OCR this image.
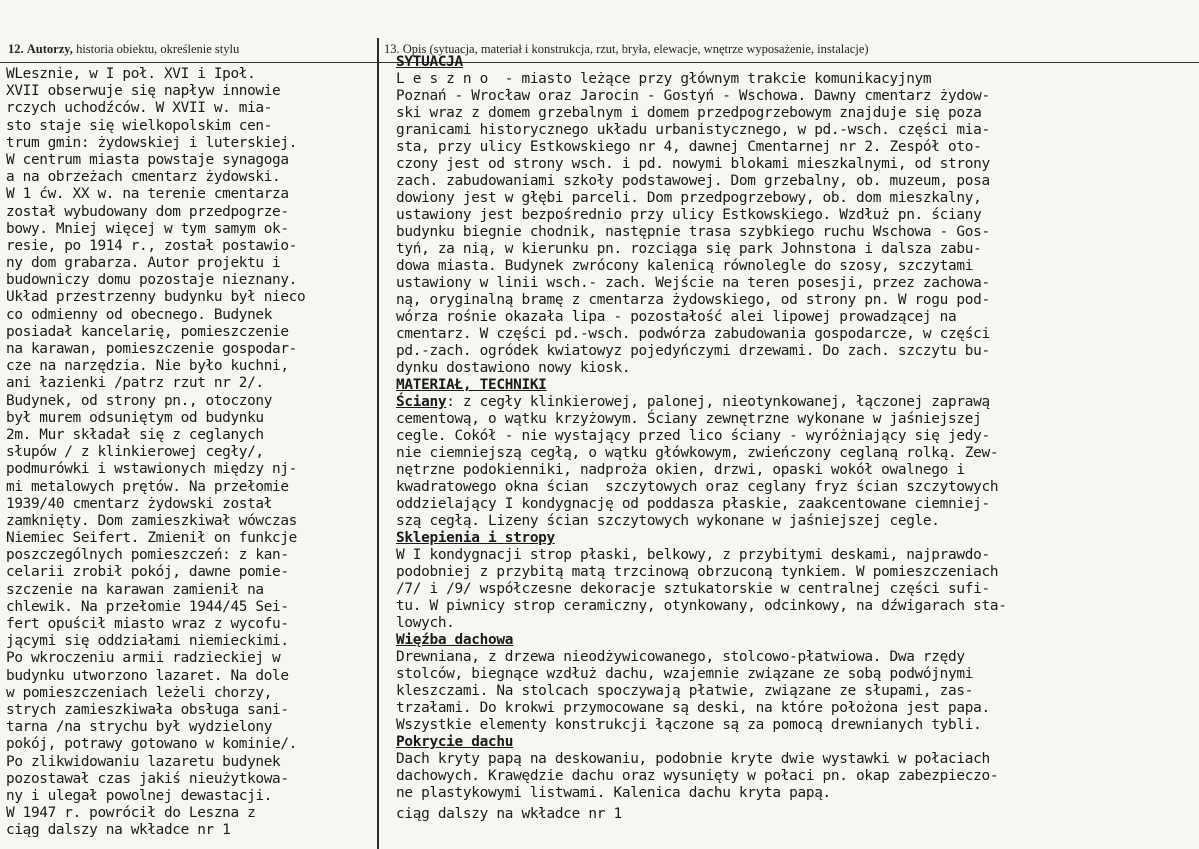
12. Autorzy, historia obiektu, określenie stylu	13. Opis (sytuacja, materiał i konstrukcja, rzut, bryła, elewacje, wnętrze wyposażenie, instalacje)
WLesznie, w I poł. XVI i Ipoł.
XVII obserwuje się napływ innowie
rczych uchodźców. W XVII w. mia-
sto staje się wielkopolskim cen-
trum gmin: żydowskiej i luterskiej.
W centrum miasta powstaje synagoga
a na obrzeżach cmentarz żydowski.
W 1 ćw. XX w. na terenie cmentarza
został wybudowany dom przedpogrze-
bowy. Mniej więcej w tym samym ok-
resie, po 1914 r., został postawio-
ny dom grabarza. Autor projektu i
budowniczy domu pozostaje nieznany.
Układ przestrzenny budynku był nieco
co odmienny od obecnego. Budynek
posiadał kancelarię, pomieszczenie
na karawan, pomieszczenie gospodar-
cze na narzędzia. Nie było kuchni,
ani łazienki /patrz rzut nr 2/.
Budynek, od strony pn., otoczony
był murem odsuniętym od budynku
2m. Mur składał się z ceglanych
słupów / z klinkierowej cegły/,
podmurówki i wstawionych między nj-
mi metalowych prętów. Na przełomie
1939/40 cmentarz żydowski został
zamknięty. Dom zamieszkiwał wówczas
Niemiec Seifert. Zmienił on funkcje
poszczególnych pomieszczeń: z kan-
celarii zrobił pokój, dawne pomie-
szczenie na karawan zamienił na
chlewik. Na przełomie 1944/45 Sei-
fert opuścił miasto wraz z wycofu-
jącymi się oddziałami niemieckimi.
Po wkroczeniu armii radzieckiej w
budynku utworzono lazaret. Na dole
w pomieszczeniach leżeli chorzy,
strych zamieszkiwała obsługa sani-
tarna /na strychu był wydzielony
pokój, potrawy gotowano w kominie/.
Po zlikwidowaniu lazaretu budynek
pozostawał czas jakiś nieużytkowa-
ny i ulegał powolnej dewastacji.
W 1947 r. powrócił do Leszna z
ciąg dalszy na wkładce nr 1
SYTUACJA
L e s z n o  - miasto leżące przy głównym trakcie komunikacyjnym
Poznań - Wrocław oraz Jarocin - Gostyń - Wschowa. Dawny cmentarz żydow-
ski wraz z domem grzebalnym i domem przedpogrzebowym znajduje się poza
granicami historycznego układu urbanistycznego, w pd.-wsch. części mia-
sta, przy ulicy Estkowskiego nr 4, dawnej Cmentarnej nr 2. Zespół oto-
czony jest od strony wsch. i pd. nowymi blokami mieszkalnymi, od strony
zach. zabudowaniami szkoły podstawowej. Dom grzebalny, ob. muzeum, posa
dowiony jest w głębi parceli. Dom przedpogrzebowy, ob. dom mieszkalny,
ustawiony jest bezpośrednio przy ulicy Estkowskiego. Wzdłuż pn. ściany
budynku biegnie chodnik, następnie trasa szybkiego ruchu Wschowa - Gos-
tyń, za nią, w kierunku pn. rozciąga się park Johnstona i dalsza zabu-
dowa miasta. Budynek zwrócony kalenicą równolegle do szosy, szczytami
ustawiony w linii wsch.- zach. Wejście na teren posesji, przez zachowa-
ną, oryginalną bramę z cmentarza żydowskiego, od strony pn. W rogu pod-
wórza rośnie okazała lipa - pozostałość alei lipowej prowadzącej na
cmentarz. W części pd.-wsch. podwórza zabudowania gospodarcze, w części
pd.-zach. ogródek kwiatowyz pojedyńczymi drzewami. Do zach. szczytu bu-
dynku dostawiono nowy kiosk.
MATERIAŁ, TECHNIKI
Ściany: z cegły klinkierowej, palonej, nieotynkowanej, łączonej zaprawą
cementową, o wątku krzyżowym. Ściany zewnętrzne wykonane w jaśniejszej
cegle. Cokół - nie wystający przed lico ściany - wyróżniający się jedy-
nie ciemniejszą cegłą, o wątku główkowym, zwieńczony ceglaną rolką. Zew-
nętrzne podokienniki, nadproża okien, drzwi, opaski wokół owalnego i
kwadratowego okna ścian  szczytowych oraz ceglany fryz ścian szczytowych
oddzielający I kondygnację od poddasza płaskie, zaakcentowane ciemniej-
szą cegłą. Lizeny ścian szczytowych wykonane w jaśniejszej cegle.
Sklepienia i stropy
W I kondygnacji strop płaski, belkowy, z przybitymi deskami, najprawdo-
podobniej z przybitą matą trzcinową obrzuconą tynkiem. W pomieszczeniach
/7/ i /9/ współczesne dekoracje sztukatorskie w centralnej części sufi-
tu. W piwnicy strop ceramiczny, otynkowany, odcinkowy, na dźwigarach sta-
lowych.
Więźba dachowa
Drewniana, z drzewa nieodżywicowanego, stolcowo-płatwiowa. Dwa rzędy
stolców, biegnące wzdłuż dachu, wzajemnie związane ze sobą podwójnymi
kleszczami. Na stolcach spoczywają płatwie, związane ze słupami, zas-
trzałami. Do krokwi przymocowane są deski, na które położona jest papa.
Wszystkie elementy konstrukcji łączone są za pomocą drewnianych tybli.
Pokrycie dachu
Dach kryty papą na deskowaniu, podobnie kryte dwie wystawki w połaciach
dachowych. Krawędzie dachu oraz wysunięty w połaci pn. okap zabezpieczo-
ne plastykowymi listwami. Kalenica dachu kryta papą.
ciąg dalszy na wkładce nr 1
